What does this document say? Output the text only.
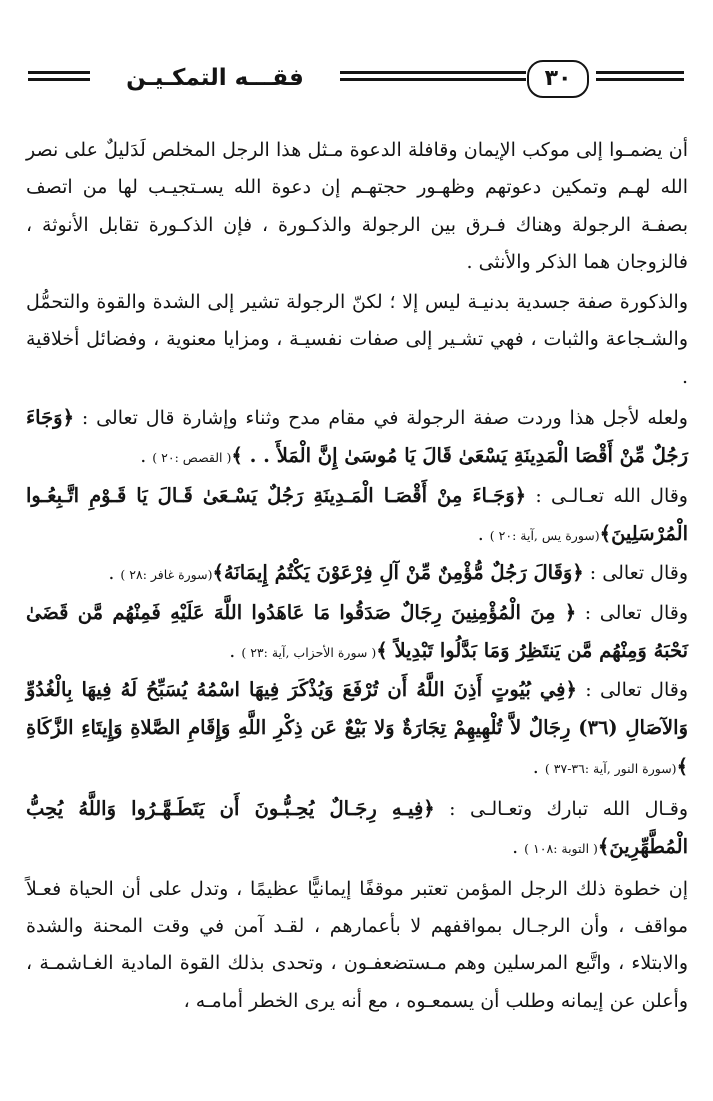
٣٠
فقـــه التمكـيـن

أن يضمـوا إلى موكب الإيمان وقافلة الدعوة مـثل هذا الرجل المخلص لَدَليلٌ على نصر الله لهـم وتمكين دعوتهم وظهـور حجتهـم إن دعوة الله يسـتجيـب لها من اتصف بصفـة الرجولة وهناك فـرق بين الرجولة والذكـورة ، فإن الذكـورة تقابل الأنوثة ، فالزوجان هما الذكر والأنثى .

والذكورة صفة جسدية بدنيـة ليس إلا ؛ لكنّ الرجولة تشير إلى الشدة والقوة والتحمُّل والشـجاعة والثبات ، فهي تشـير إلى صفات نفسيـة ، ومزايا معنوية ، وفضائل أخلاقية .

ولعله لأجل هذا وردت صفة الرجولة في مقام مدح وثناء وإشارة قال تعالى : ﴿وَجَاءَ رَجُلٌ مِّنْ أَقْصَا الْمَدِينَةِ يَسْعَىٰ قَالَ يَا مُوسَىٰ إِنَّ الْمَلأَ . . ﴾( القصص :٢٠ ) .

وقال الله تعـالـى : ﴿وَجَـاءَ مِنْ أَقْصَـا الْمَـدِينَةِ رَجُلٌ يَسْـعَىٰ قَـالَ يَا قَـوْمِ اتَّـبِعُـوا الْمُرْسَلِينَ﴾(سورة يس ,آية :٢٠ ) .

وقال تعالى : ﴿وَقَالَ رَجُلٌ مُّؤْمِنٌ مِّنْ آلِ فِرْعَوْنَ يَكْتُمُ إِيمَانَهُ﴾(سورة غافر :٢٨ ) .

وقال تعالى : ﴿ مِنَ الْمُؤْمِنِينَ رِجَالٌ صَدَقُوا مَا عَاهَدُوا اللَّهَ عَلَيْهِ فَمِنْهُم مَّن قَضَىٰ نَحْبَهُ وَمِنْهُم مَّن يَنتَظِرُ وَمَا بَدَّلُوا تَبْدِيلاً ﴾( سورة الأحزاب ,آية :٢٣ ) .

وقال تعالى : ﴿فِي بُيُوتٍ أَذِنَ اللَّهُ أَن تُرْفَعَ وَيُذْكَرَ فِيهَا اسْمُهُ يُسَبِّحُ لَهُ فِيهَا بِالْغُدُوِّ وَالآصَالِ (٣٦) رِجَالٌ لاَّ تُلْهِيهِمْ تِجَارَةٌ وَلا بَيْعٌ عَن ذِكْرِ اللَّهِ وَإِقَامِ الصَّلاةِ وَإِيتَاءِ الزَّكَاةِ ﴾(سورة النور ,آية :٣٦-٣٧ ) .

وقـال الله تبارك وتعـالـى : ﴿فِيـهِ رِجَـالٌ يُحِـبُّـونَ أَن يَتَطَـهَّـرُوا وَاللَّهُ يُحِبُّ الْمُطَّهِّرِينَ﴾( التوبة :١٠٨ ) .

إن خطوة ذلك الرجل المؤمن تعتبر موقفًا إيمانيًّا عظيمًا ، وتدل على أن الحياة فعـلاً مواقف ، وأن الرجـال بمواقفهم لا بأعمارهم ، لقـد آمن في وقت المحنة والشدة والابتلاء ، واتَّبع المرسلين وهم مـستضعفـون ، وتحدى بذلك القوة المادية الغـاشمـة ، وأعلن عن إيمانه وطلب أن يسمعـوه ، مع أنه يرى الخطر أمامـه ،
